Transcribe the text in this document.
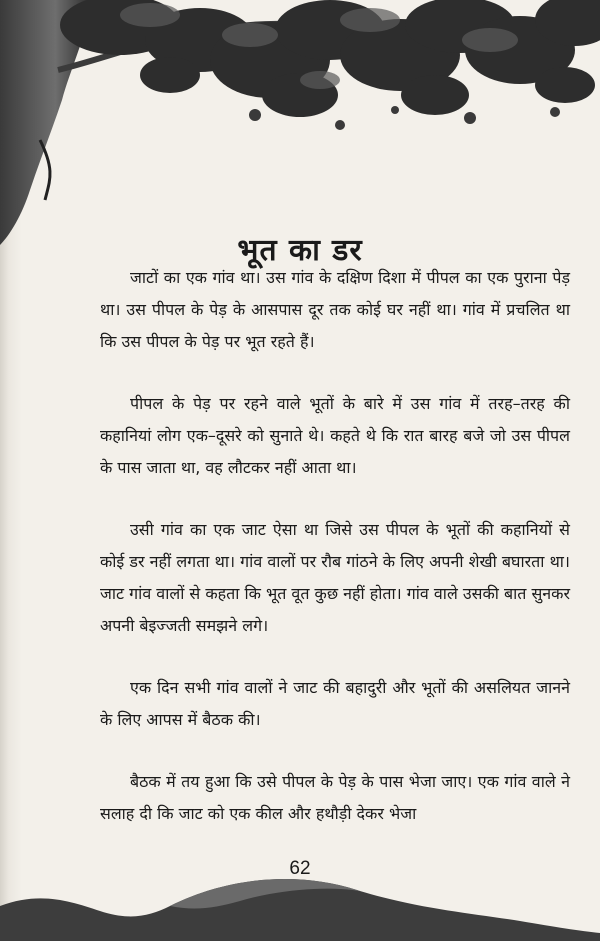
भूत का डर

जाटों का एक गांव था। उस गांव के दक्षिण दिशा में पीपल का एक पुराना पेड़ था। उस पीपल के पेड़ के आसपास दूर तक कोई घर नहीं था। गांव में प्रचलित था कि उस पीपल के पेड़ पर भूत रहते हैं।

पीपल के पेड़ पर रहने वाले भूतों के बारे में उस गांव में तरह–तरह की कहानियां लोग एक–दूसरे को सुनाते थे। कहते थे कि रात बारह बजे जो उस पीपल के पास जाता था, वह लौटकर नहीं आता था।

उसी गांव का एक जाट ऐसा था जिसे उस पीपल के भूतों की कहानियों से कोई डर नहीं लगता था। गांव वालों पर रौब गांठने के लिए अपनी शेखी बघारता था। जाट गांव वालों से कहता कि भूत वूत कुछ नहीं होता। गांव वाले उसकी बात सुनकर अपनी बेइज्जती समझने लगे।

एक दिन सभी गांव वालों ने जाट की बहादुरी और भूतों की असलियत जानने के लिए आपस में बैठक की।

बैठक में तय हुआ कि उसे पीपल के पेड़ के पास भेजा जाए। एक गांव वाले ने सलाह दी कि जाट को एक कील और हथौड़ी देकर भेजा

62
